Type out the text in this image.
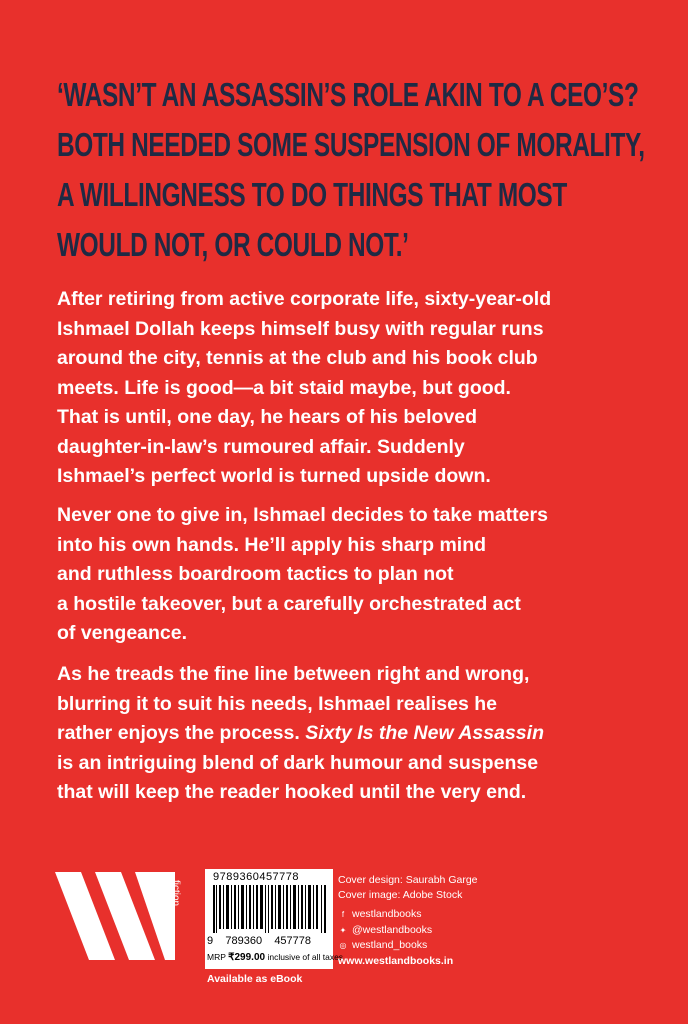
‘WASN’T AN ASSASSIN’S ROLE AKIN TO A CEO’S?
BOTH NEEDED SOME SUSPENSION OF MORALITY,
A WILLINGNESS TO DO THINGS THAT MOST
WOULD NOT, OR COULD NOT.’
After retiring from active corporate life, sixty-year-old
Ishmael Dollah keeps himself busy with regular runs
around the city, tennis at the club and his book club
meets. Life is good—a bit staid maybe, but good.
That is until, one day, he hears of his beloved
daughter-in-law’s rumoured affair. Suddenly
Ishmael’s perfect world is turned upside down.
Never one to give in, Ishmael decides to take matters
into his own hands. He’ll apply his sharp mind
and ruthless boardroom tactics to plan not
a hostile takeover, but a carefully orchestrated act
of vengeance.
As he treads the fine line between right and wrong,
blurring it to suit his needs, Ishmael realises he
rather enjoys the process. Sixty Is the New Assassin
is an intriguing blend of dark humour and suspense
that will keep the reader hooked until the very end.
fiction
9789360457778
9 789360 457778
MRP ₹299.00 inclusive of all taxes
Available as eBook
Cover design: Saurabh Garge
Cover image: Adobe Stock
f westlandbooks
✦ @westlandbooks
◎ westland_books
www.westlandbooks.in
